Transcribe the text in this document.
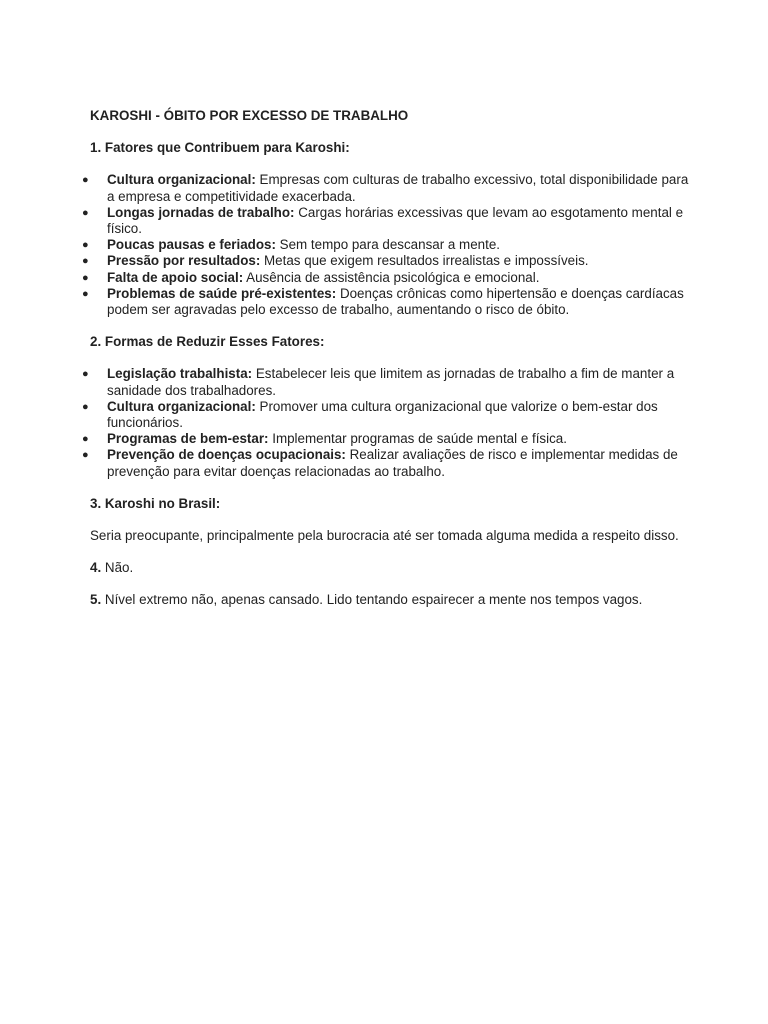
KAROSHI - ÓBITO POR EXCESSO DE TRABALHO
1. Fatores que Contribuem para Karoshi:
● Cultura organizacional: Empresas com culturas de trabalho excessivo, total disponibilidade para a empresa e competitividade exacerbada.
● Longas jornadas de trabalho: Cargas horárias excessivas que levam ao esgotamento mental e físico.
● Poucas pausas e feriados: Sem tempo para descansar a mente.
● Pressão por resultados: Metas que exigem resultados irrealistas e impossíveis.
● Falta de apoio social: Ausência de assistência psicológica e emocional.
● Problemas de saúde pré-existentes: Doenças crônicas como hipertensão e doenças cardíacas podem ser agravadas pelo excesso de trabalho, aumentando o risco de óbito.
2. Formas de Reduzir Esses Fatores:
● Legislação trabalhista: Estabelecer leis que limitem as jornadas de trabalho a fim de manter a sanidade dos trabalhadores.
● Cultura organizacional: Promover uma cultura organizacional que valorize o bem-estar dos funcionários.
● Programas de bem-estar: Implementar programas de saúde mental e física.
● Prevenção de doenças ocupacionais: Realizar avaliações de risco e implementar medidas de prevenção para evitar doenças relacionadas ao trabalho.
3. Karoshi no Brasil:

Seria preocupante, principalmente pela burocracia até ser tomada alguma medida a respeito disso.

4. Não.

5. Nível extremo não, apenas cansado. Lido tentando espairecer a mente nos tempos vagos.
